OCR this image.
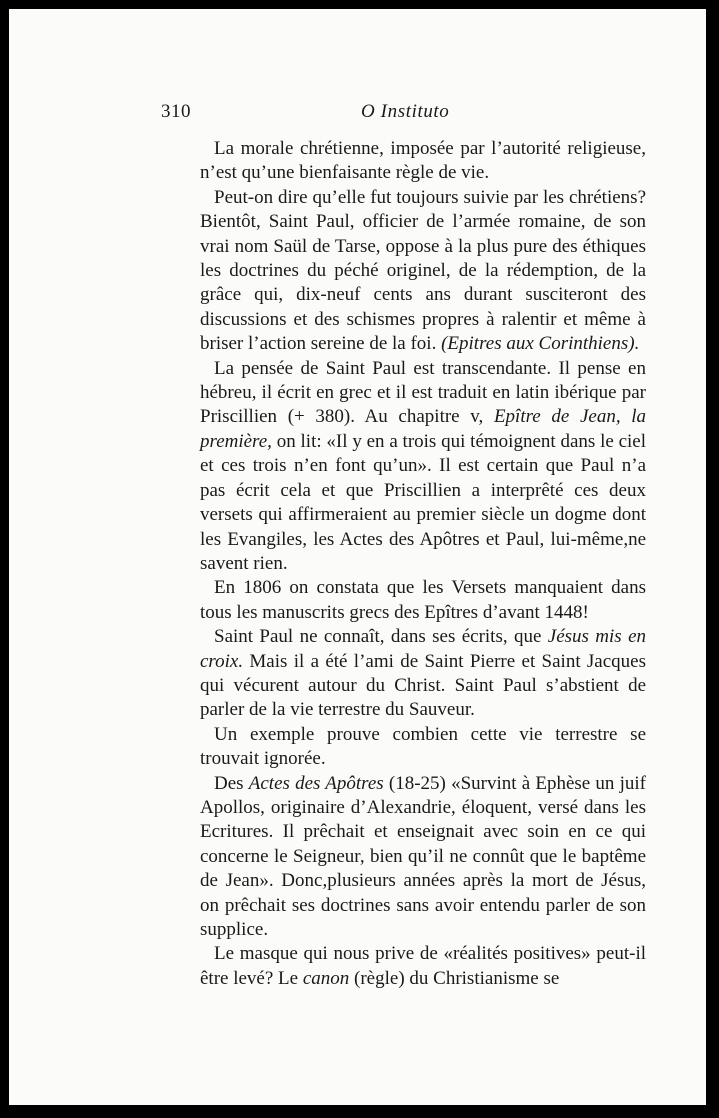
310	O Instituto

La morale chrétienne, imposée par l’autorité religieuse, n’est qu’une bienfaisante règle de vie.

Peut-on dire qu’elle fut toujours suivie par les chrétiens? Bientôt, Saint Paul, officier de l’armée romaine, de son vrai nom Saül de Tarse, oppose à la plus pure des éthiques les doctrines du péché originel, de la rédemption, de la grâce qui, dix-neuf cents ans durant susciteront des discussions et des schismes propres à ralentir et même à briser l’action sereine de la foi. (Epitres aux Corinthiens).

La pensée de Saint Paul est transcendante. Il pense en hébreu, il écrit en grec et il est traduit en latin ibérique par Priscillien (+ 380). Au chapitre v, Epître de Jean, la première, on lit: «Il y en a trois qui témoignent dans le ciel et ces trois n’en font qu’un». Il est certain que Paul n’a pas écrit cela et que Priscillien a interprêté ces deux versets qui affirmeraient au premier siècle un dogme dont les Evangiles, les Actes des Apôtres et Paul, lui-même,ne savent rien.

En 1806 on constata que les Versets manquaient dans tous les manuscrits grecs des Epîtres d’avant 1448!

Saint Paul ne connaît, dans ses écrits, que Jésus mis en croix. Mais il a été l’ami de Saint Pierre et Saint Jacques qui vécurent autour du Christ. Saint Paul s’abstient de parler de la vie terrestre du Sauveur.

Un exemple prouve combien cette vie terrestre se trouvait ignorée.

Des Actes des Apôtres (18-25) «Survint à Ephèse un juif Apollos, originaire d’Alexandrie, éloquent, versé dans les Ecritures. Il prêchait et enseignait avec soin en ce qui concerne le Seigneur, bien qu’il ne connût que le baptême de Jean». Donc,plusieurs années après la mort de Jésus, on prêchait ses doctrines sans avoir entendu parler de son supplice.

Le masque qui nous prive de «réalités positives» peut-il être levé? Le canon (règle) du Christianisme se
